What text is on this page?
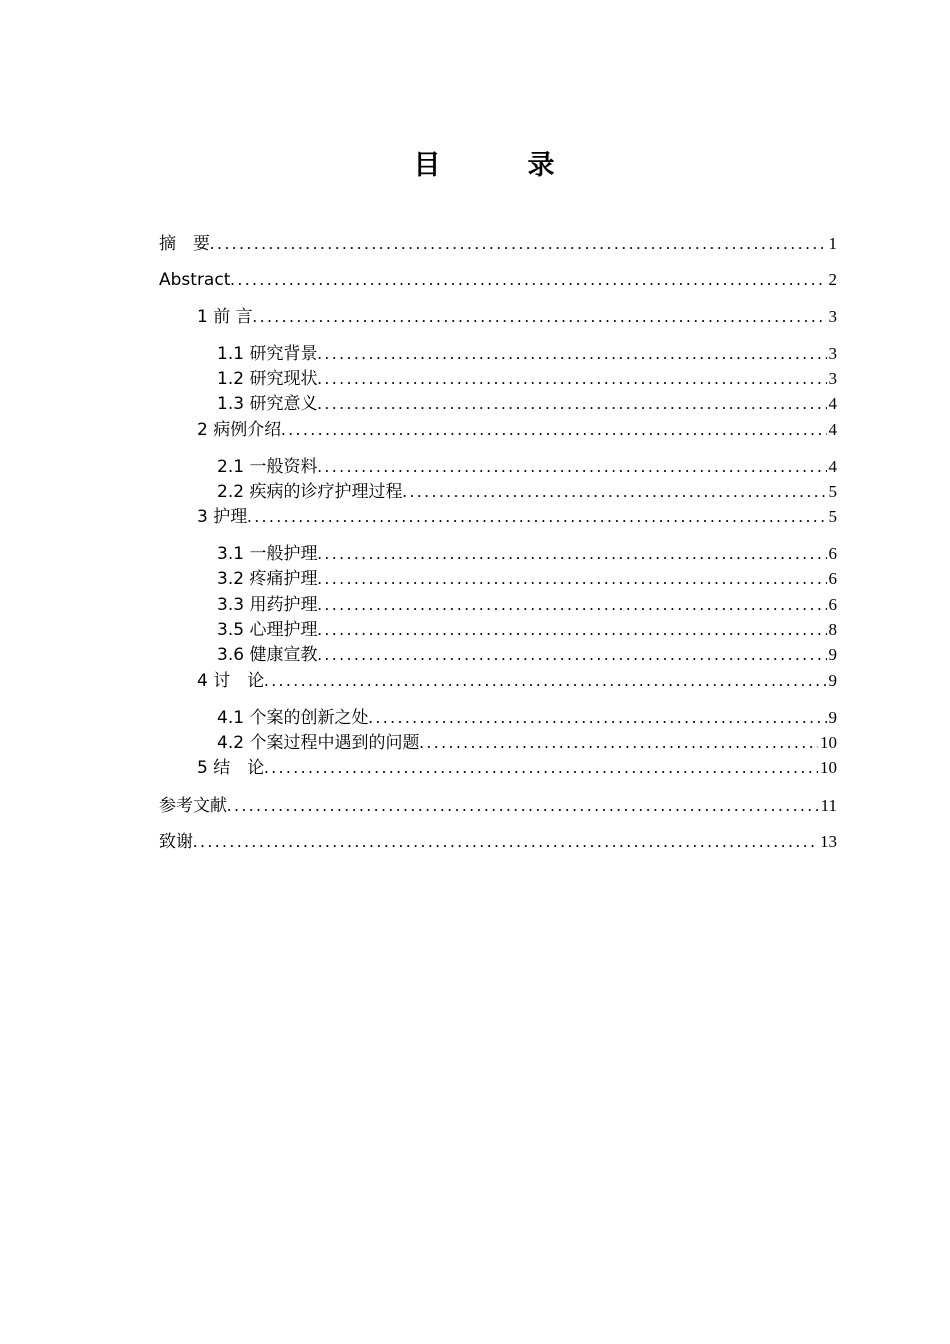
目　录
摘　要 .....	1
Abstract .....	2
1 前 言 .....	3
1.1 研究背景 .....	3
1.2 研究现状 .....	3
1.3 研究意义 .....	4
2 病例介绍 .....	4
2.1 一般资料 .....	4
2.2 疾病的诊疗护理过程 .....	5
3 护理 .....	5
3.1 一般护理 .....	6
3.2 疼痛护理 .....	6
3.3 用药护理 .....	6
3.5 心理护理 .....	8
3.6 健康宣教 .....	9
4 讨　论 .....	9
4.1 个案的创新之处 .....	9
4.2 个案过程中遇到的问题 .....	10
5 结　论 .....	10
参考文献 .....	11
致谢 .....	13
